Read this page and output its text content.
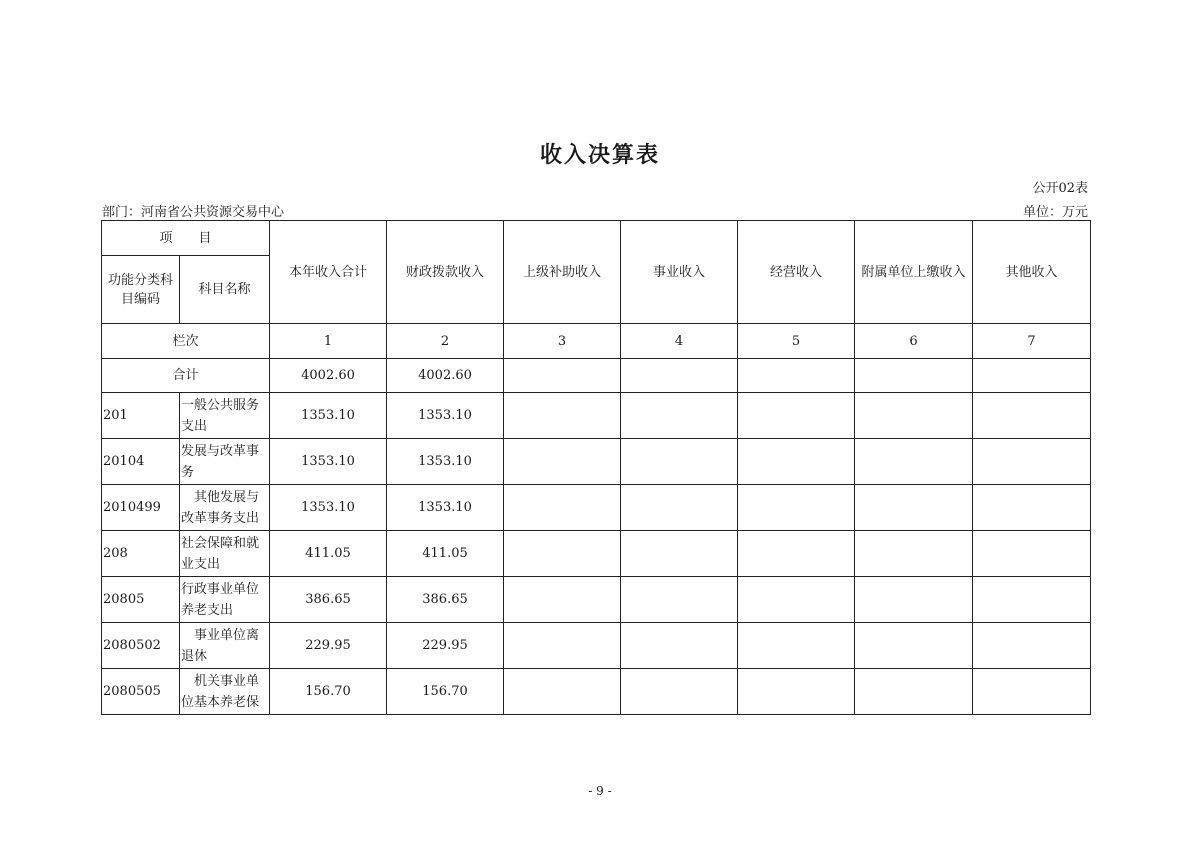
收入决算表
公开02表
部门：河南省公共资源交易中心	单位：万元
项　　目		本年收入合计	财政拨款收入	上级补助收入	事业收入	经营收入	附属单位上缴收入	其他收入
功能分类科目编码	科目名称							
栏次		1	2	3	4	5	6	7
合计		4002.60	4002.60					
201	一般公共服务支出	1353.10	1353.10					
20104	发展与改革事务	1353.10	1353.10					
2010499	其他发展与改革事务支出	1353.10	1353.10					
208	社会保障和就业支出	411.05	411.05					
20805	行政事业单位养老支出	386.65	386.65					
2080502	事业单位离退休	229.95	229.95					
2080505	机关事业单位基本养老保	156.70	156.70					
- 9 -
